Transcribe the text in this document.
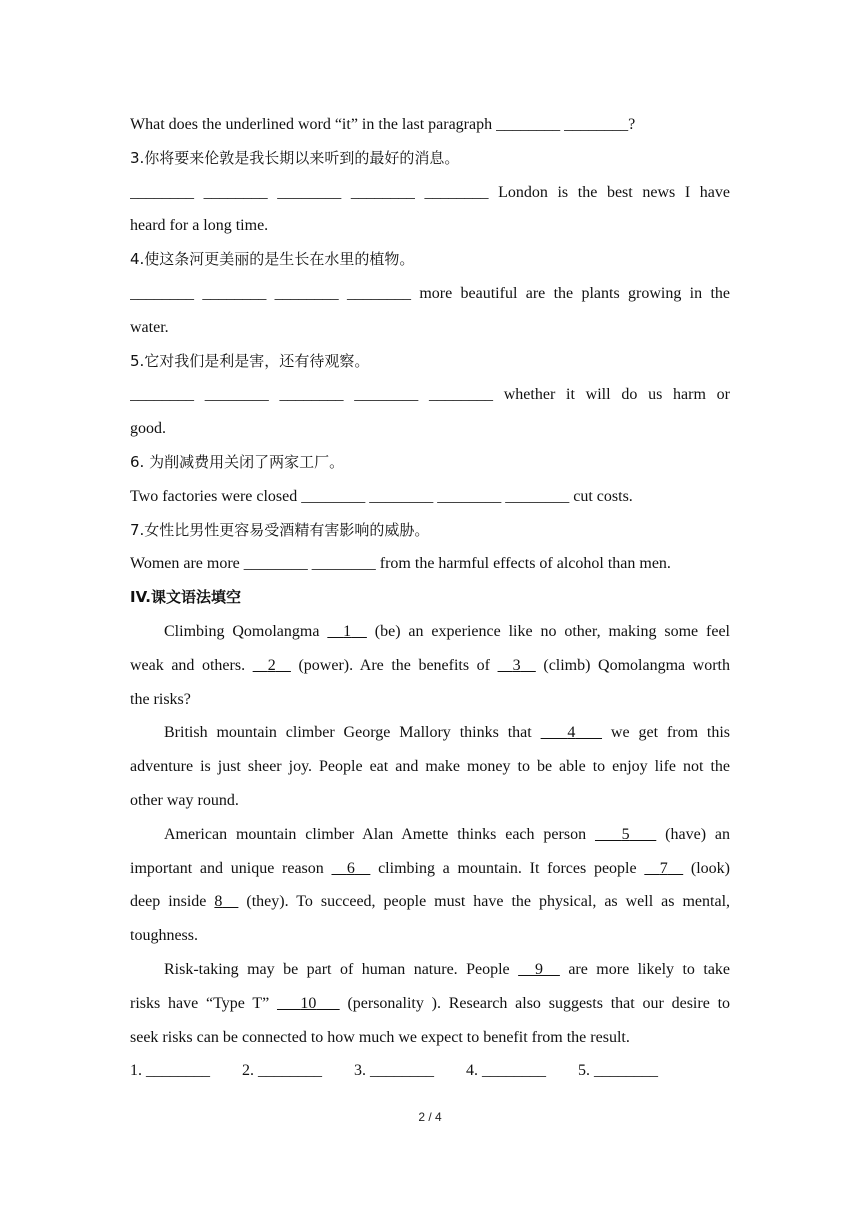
What does the underlined word “it” in the last paragraph ________ ________?
3.你将要来伦敦是我长期以来听到的最好的消息。
________ ________ ________ ________ ________ London is the best news I have
heard for a long time.
4.使这条河更美丽的是生长在水里的植物。
________ ________ ________ ________ more beautiful are the plants growing in the
water.
5.它对我们是利是害，还有待观察。
________ ________ ________ ________ ________ whether it will do us harm or
good.
6. 为削减费用关闭了两家工厂。
Two factories were closed ________ ________ ________ ________ cut costs.
7.女性比男性更容易受酒精有害影响的威胁。
Women are more ________ ________ from the harmful effects of alcohol than men.
IV.课文语法填空
Climbing Qomolangma   1   (be) an experience like no other, making some feel
weak and others.   2   (power). Are the benefits of   3   (climb) Qomolangma worth
the risks?
British mountain climber George Mallory thinks that    4    we get from this
adventure is just sheer joy. People eat and make money to be able to enjoy life not the
other way round.
American mountain climber Alan Amette thinks each person    5    (have) an
important and unique reason   6   climbing a mountain. It forces people   7   (look)
deep inside 8   (they). To succeed, people must have the physical, as well as mental,
toughness.
Risk-taking may be part of human nature. People   9   are more likely to take
risks have “Type T”    10    (personality ). Research also suggests that our desire to
seek risks can be connected to how much we expect to benefit from the result.
1. ________ 2. ________ 3. ________ 4. ________ 5. ________
2 / 4
